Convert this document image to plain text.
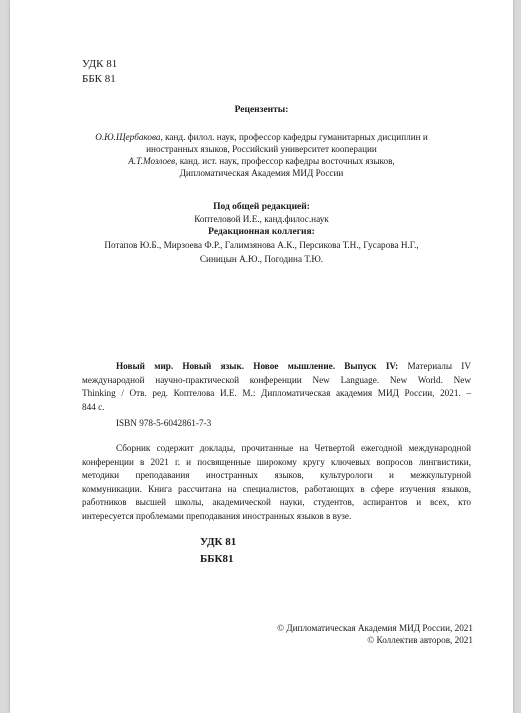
УДК 81
ББК 81
Рецензенты:
О.Ю.Щербакова, канд. филол. наук, профессор кафедры гуманитарных дисциплин и
иностранных языков, Российский университет кооперации
А.Т.Мозлоев, канд. ист. наук, профессор кафедры восточных языков,
Дипломатическая Академия МИД России
Под общей редакцией:
Коптеловой И.Е., канд.филос.наук
Редакционная коллегия:
Потапов Ю.Б., Мирзоева Ф.Р., Галимзянова А.К., Персикова Т.Н., Гусарова Н.Г.,
Синицын А.Ю., Погодина Т.Ю.
Новый мир. Новый язык. Новое мышление. Выпуск IV: Материалы IV
международной научно-практической конференции New Language. New World. New
Thinking / Отв. ред. Коптелова И.Е. М.: Дипломатическая академия МИД России, 2021. –
844 с.
ISBN 978-5-6042861-7-3
Сборник содержит доклады, прочитанные на Четвертой ежегодной международной
конференции в 2021 г. и посвященные широкому кругу ключевых вопросов лингвистики,
методики преподавания иностранных языков, культурологи и межкультурной
коммуникации. Книга рассчитана на специалистов, работающих в сфере изучения языков,
работников высшей школы, академической науки, студентов, аспирантов и всех, кто
интересуется проблемами преподавания иностранных языков в вузе.
УДК 81
ББК81
© Дипломатическая Академия МИД России, 2021
© Коллектив авторов, 2021
